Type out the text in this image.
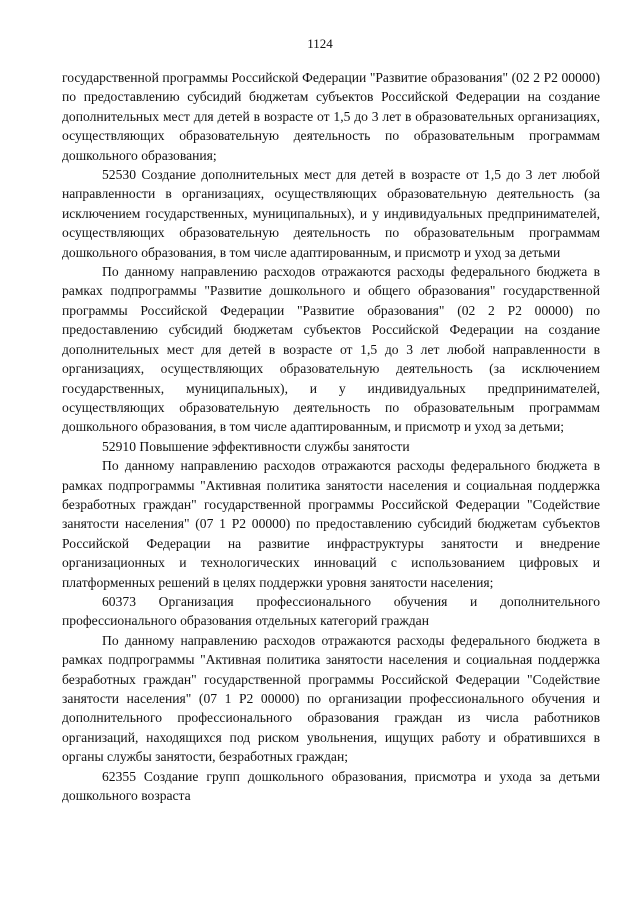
1124

государственной программы Российской Федерации "Развитие образования" (02 2 Р2 00000) по предоставлению субсидий бюджетам субъектов Российской Федерации на создание дополнительных мест для детей в возрасте от 1,5 до 3 лет в образовательных организациях, осуществляющих образовательную деятельность по образовательным программам дошкольного образования;

52530 Создание дополнительных мест для детей в возрасте от 1,5 до 3 лет любой направленности в организациях, осуществляющих образовательную деятельность (за исключением государственных, муниципальных), и у индивидуальных предпринимателей, осуществляющих образовательную деятельность по образовательным программам дошкольного образования, в том числе адаптированным, и присмотр и уход за детьми

По данному направлению расходов отражаются расходы федерального бюджета в рамках подпрограммы "Развитие дошкольного и общего образования" государственной программы Российской Федерации "Развитие образования" (02 2 Р2 00000) по предоставлению субсидий бюджетам субъектов Российской Федерации на создание дополнительных мест для детей в возрасте от 1,5 до 3 лет любой направленности в организациях, осуществляющих образовательную деятельность (за исключением государственных, муниципальных), и у индивидуальных предпринимателей, осуществляющих образовательную деятельность по образовательным программам дошкольного образования, в том числе адаптированным, и присмотр и уход за детьми;

52910 Повышение эффективности службы занятости

По данному направлению расходов отражаются расходы федерального бюджета в рамках подпрограммы "Активная политика занятости населения и социальная поддержка безработных граждан" государственной программы Российской Федерации "Содействие занятости населения" (07 1 Р2 00000) по предоставлению субсидий бюджетам субъектов Российской Федерации на развитие инфраструктуры занятости и внедрение организационных и технологических инноваций с использованием цифровых и платформенных решений в целях поддержки уровня занятости населения;

60373 Организация профессионального обучения и дополнительного профессионального образования отдельных категорий граждан

По данному направлению расходов отражаются расходы федерального бюджета в рамках подпрограммы "Активная политика занятости населения и социальная поддержка безработных граждан" государственной программы Российской Федерации "Содействие занятости населения" (07 1 Р2 00000) по организации профессионального обучения и дополнительного профессионального образования граждан из числа работников организаций, находящихся под риском увольнения, ищущих работу и обратившихся в органы службы занятости, безработных граждан;

62355 Создание групп дошкольного образования, присмотра и ухода за детьми дошкольного возраста
